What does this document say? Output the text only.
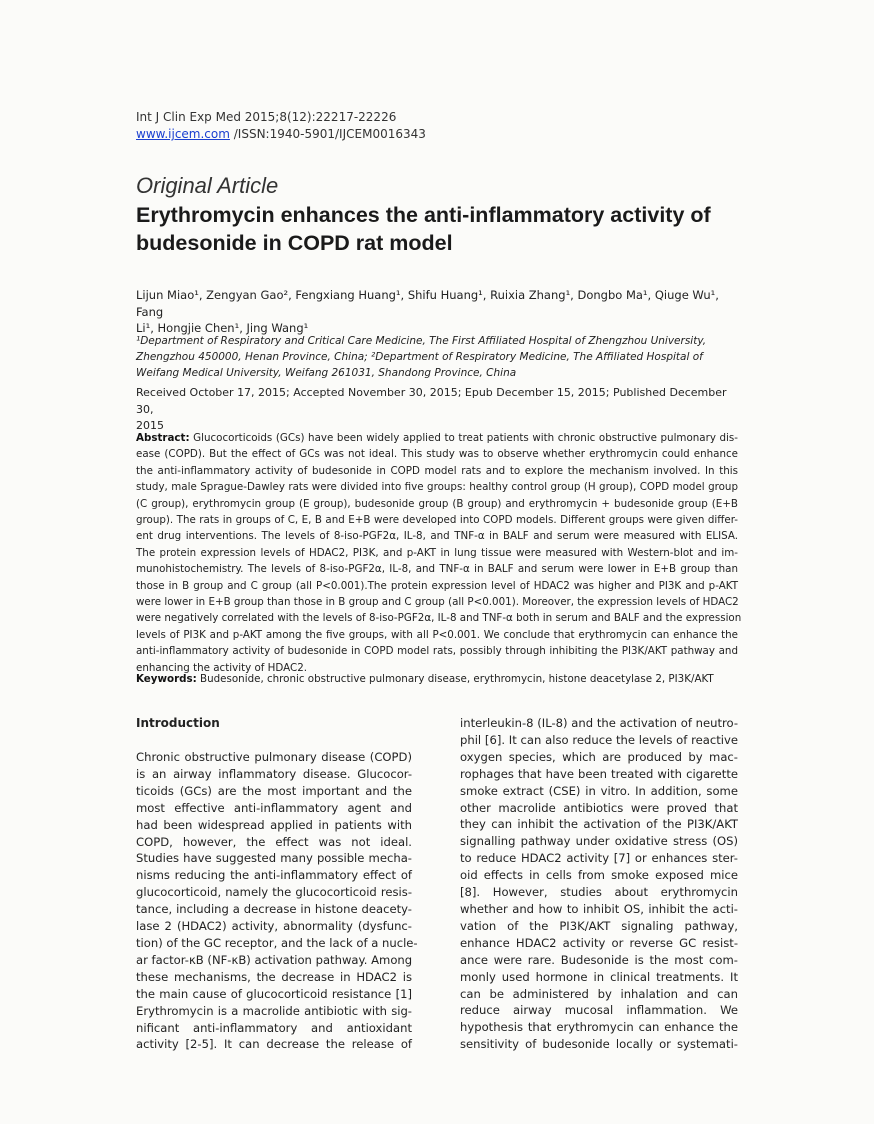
Int J Clin Exp Med 2015;8(12):22217-22226
www.ijcem.com /ISSN:1940-5901/IJCEM0016343
Original Article
Erythromycin enhances the anti-inflammatory activity of
budesonide in COPD rat model
Lijun Miao¹, Zengyan Gao², Fengxiang Huang¹, Shifu Huang¹, Ruixia Zhang¹, Dongbo Ma¹, Qiuge Wu¹, Fang
Li¹, Hongjie Chen¹, Jing Wang¹
¹Department of Respiratory and Critical Care Medicine, The First Affiliated Hospital of Zhengzhou University,
Zhengzhou 450000, Henan Province, China; ²Department of Respiratory Medicine, The Affiliated Hospital of
Weifang Medical University, Weifang 261031, Shandong Province, China
Received October 17, 2015; Accepted November 30, 2015; Epub December 15, 2015; Published December 30,
2015
Abstract: Glucocorticoids (GCs) have been widely applied to treat patients with chronic obstructive pulmonary dis-
ease (COPD). But the effect of GCs was not ideal. This study was to observe whether erythromycin could enhance
the anti-inflammatory activity of budesonide in COPD model rats and to explore the mechanism involved. In this
study, male Sprague-Dawley rats were divided into five groups: healthy control group (H group), COPD model group
(C group), erythromycin group (E group), budesonide group (B group) and erythromycin + budesonide group (E+B
group). The rats in groups of C, E, B and E+B were developed into COPD models. Different groups were given differ-
ent drug interventions. The levels of 8-iso-PGF2α, IL-8, and TNF-α in BALF and serum were measured with ELISA.
The protein expression levels of HDAC2, PI3K, and p-AKT in lung tissue were measured with Western-blot and im-
munohistochemistry. The levels of 8-iso-PGF2α, IL-8, and TNF-α in BALF and serum were lower in E+B group than
those in B group and C group (all P<0.001).The protein expression level of HDAC2 was higher and PI3K and p-AKT
were lower in E+B group than those in B group and C group (all P<0.001). Moreover, the expression levels of HDAC2
were negatively correlated with the levels of 8-iso-PGF2α, IL-8 and TNF-α both in serum and BALF and the expression
levels of PI3K and p-AKT among the five groups, with all P<0.001. We conclude that erythromycin can enhance the
anti-inflammatory activity of budesonide in COPD model rats, possibly through inhibiting the PI3K/AKT pathway and
enhancing the activity of HDAC2.
Keywords: Budesonide, chronic obstructive pulmonary disease, erythromycin, histone deacetylase 2, PI3K/AKT
Introduction
Chronic obstructive pulmonary disease (COPD)
is an airway inflammatory disease. Glucocor-
ticoids (GCs) are the most important and the
most effective anti-inflammatory agent and
had been widespread applied in patients with
COPD, however, the effect was not ideal.
Studies have suggested many possible mecha-
nisms reducing the anti-inflammatory effect of
glucocorticoid, namely the glucocorticoid resis-
tance, including a decrease in histone deacety-
lase 2 (HDAC2) activity, abnormality (dysfunc-
tion) of the GC receptor, and the lack of a nucle-
ar factor-κB (NF-κB) activation pathway. Among
these mechanisms, the decrease in HDAC2 is
the main cause of glucocorticoid resistance [1]
Erythromycin is a macrolide antibiotic with sig-
nificant anti-inflammatory and antioxidant
activity [2-5]. It can decrease the release of
interleukin-8 (IL-8) and the activation of neutro-
phil [6]. It can also reduce the levels of reactive
oxygen species, which are produced by mac-
rophages that have been treated with cigarette
smoke extract (CSE) in vitro. In addition, some
other macrolide antibiotics were proved that
they can inhibit the activation of the PI3K/AKT
signalling pathway under oxidative stress (OS)
to reduce HDAC2 activity [7] or enhances ster-
oid effects in cells from smoke exposed mice
[8]. However, studies about erythromycin
whether and how to inhibit OS, inhibit the acti-
vation of the PI3K/AKT signaling pathway,
enhance HDAC2 activity or reverse GC resist-
ance were rare. Budesonide is the most com-
monly used hormone in clinical treatments. It
can be administered by inhalation and can
reduce airway mucosal inflammation. We
hypothesis that erythromycin can enhance the
sensitivity of budesonide locally or systemati-
